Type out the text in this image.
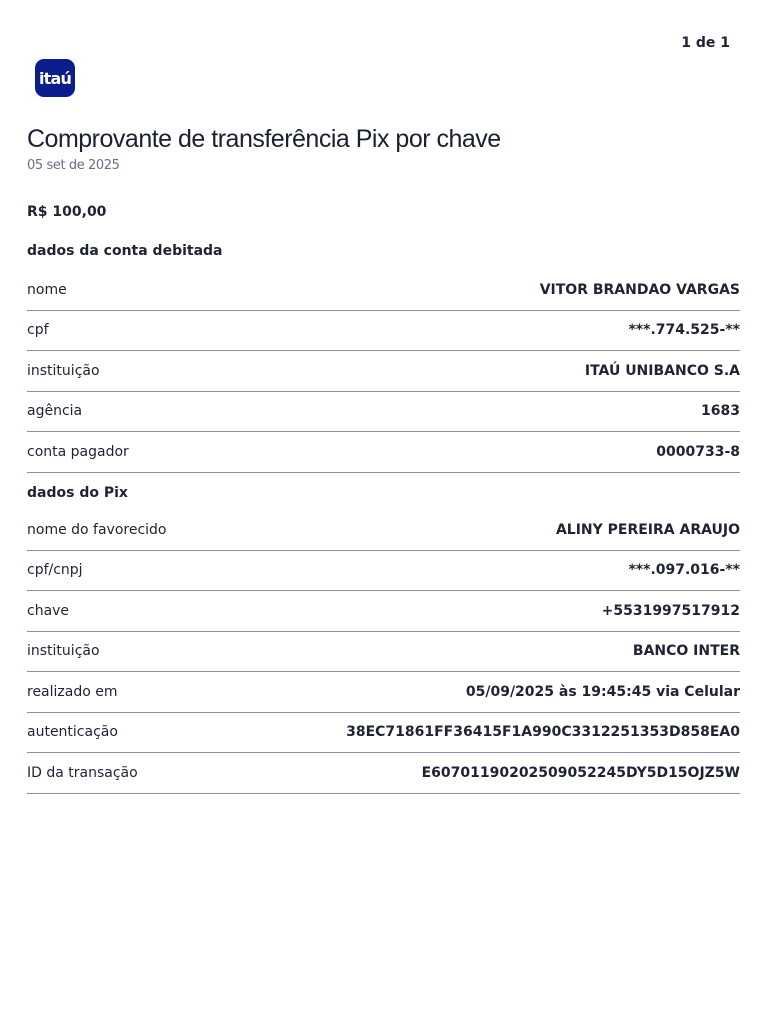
1 de 1
itaú
Comprovante de transferência Pix por chave
05 set de 2025
R$ 100,00
dados da conta debitada
nome	VITOR BRANDAO VARGAS
cpf	***.774.525-**
instituição	ITAÚ UNIBANCO S.A
agência	1683
conta pagador	0000733-8
dados do Pix
nome do favorecido	ALINY PEREIRA ARAUJO
cpf/cnpj	***.097.016-**
chave	+5531997517912
instituição	BANCO INTER
realizado em	05/09/2025 às 19:45:45 via Celular
autenticação	38EC71861FF36415F1A990C3312251353D858EA0
ID da transação	E60701190202509052245DY5D15OJZ5W
